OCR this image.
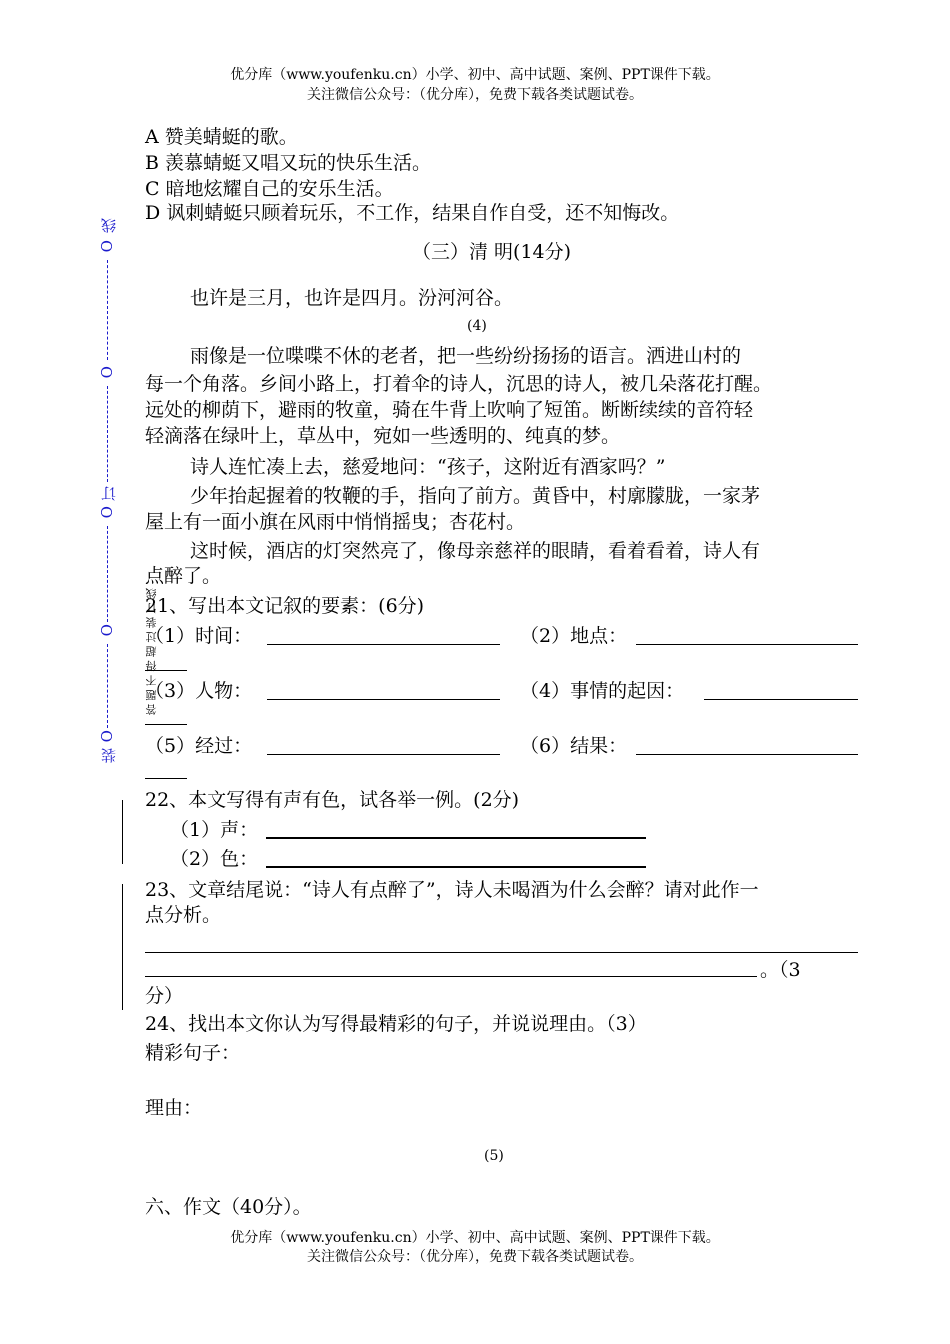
优分库（www.youfenku.cn）小学、初中、高中试题、案例、PPT课件下载。
关注微信公众号：（优分库），免费下载各类试题试卷。
线
O
O
订
O
O
O
装
答 题 不 得 超 过 装 订 线
A 赞美蜻蜓的歌。
B 羡慕蜻蜓又唱又玩的快乐生活。
C 暗地炫耀自己的安乐生活。
D 讽刺蜻蜓只顾着玩乐，不工作，结果自作自受，还不知悔改。
（三）清 明(14分)
也许是三月，也许是四月。汾河河谷。
(4)
雨像是一位喋喋不休的老者，把一些纷纷扬扬的语言。洒进山村的
每一个角落。乡间小路上，打着伞的诗人，沉思的诗人，被几朵落花打醒。
远处的柳荫下，避雨的牧童，骑在牛背上吹响了短笛。断断续续的音符轻
轻滴落在绿叶上，草丛中，宛如一些透明的、纯真的梦。
诗人连忙凑上去，慈爱地问：“孩子，这附近有酒家吗？”
少年抬起握着的牧鞭的手，指向了前方。黄昏中，村廓朦胧，一家茅
屋上有一面小旗在风雨中悄悄摇曳；杏花村。
这时候，酒店的灯突然亮了，像母亲慈祥的眼睛，看着看着，诗人有
点醉了。
21、写出本文记叙的要素：(6分)
（1）时间：	（2）地点：
（3）人物：	（4）事情的起因：
（5）经过：	（6）结果：
22、本文写得有声有色，试各举一例。(2分)
（1）声：
（2）色：
23、文章结尾说：“诗人有点醉了”，诗人未喝酒为什么会醉？请对此作一
点分析。
。（3
分）
24、找出本文你认为写得最精彩的句子，并说说理由。（3）
精彩句子：
理由：
(5)
六、作文（40分）。
优分库（www.youfenku.cn）小学、初中、高中试题、案例、PPT课件下载。
关注微信公众号：（优分库），免费下载各类试题试卷。
